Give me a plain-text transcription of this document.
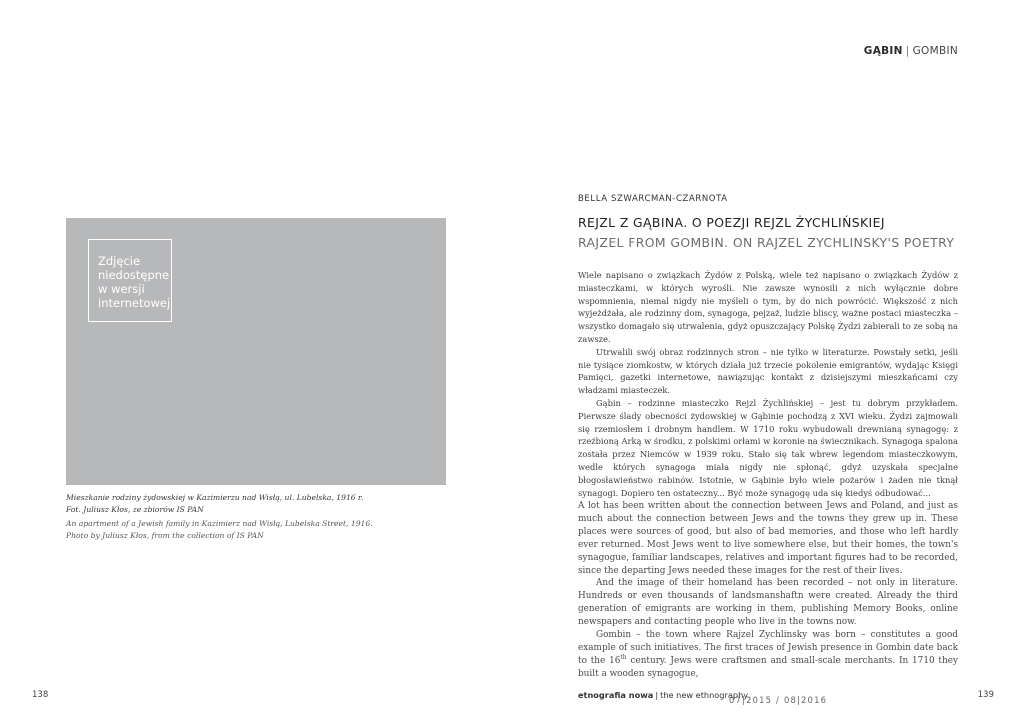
GĄBIN | GOMBIN
Zdjęcie niedostępne w wersji internetowej
Mieszkanie rodziny żydowskiej w Kazimierzu nad Wisłą, ul. Lubelska, 1916 r.
Fot. Juliusz Kłos, ze zbiorów IS PAN
An apartment of a Jewish family in Kazimierz nad Wisłą, Lubelska Street, 1916.
Photo by Juliusz Kłos, from the collection of IS PAN
BELLA SZWARCMAN-CZARNOTA
REJZL Z GĄBINA. O POEZJI REJZL ŻYCHLIŃSKIEJ
RAJZEL FROM GOMBIN. ON RAJZEL ZYCHLINSKY'S POETRY

Wiele napisano o związkach Żydów z Polską, wiele też napisano o związkach Żydów z miasteczkami, w których wyrośli. Nie zawsze wynosili z nich wyłącznie dobre wspomnienia, niemal nigdy nie myśleli o tym, by do nich powrócić. Większość z nich wyjeżdżała, ale rodzinny dom, synagoga, pejzaż, ludzie bliscy, ważne postaci miasteczka – wszystko domagało się utrwalenia, gdyż opuszczający Polskę Żydzi zabierali to ze sobą na zawsze.

Utrwalili swój obraz rodzinnych stron – nie tylko w literaturze. Powstały setki, jeśli nie tysiące ziomkostw, w których działa już trzecie pokolenie emigrantów, wydając Księgi Pamięci, gazetki internetowe, nawiązując kontakt z dzisiejszymi mieszkańcami czy władzami miasteczek.

Gąbin – rodzinne miasteczko Rejzl Żychlińskiej – jest tu dobrym przykładem. Pierwsze ślady obecności żydowskiej w Gąbinie pochodzą z XVI wieku. Żydzi zajmowali się rzemiosłem i drobnym handlem. W 1710 roku wybudowali drewnianą synagogę: z rzeźbioną Arką w środku, z polskimi orłami w koronie na świecznikach. Synagoga spalona została przez Niemców w 1939 roku. Stało się tak wbrew legendom miasteczkowym, wedle których synagoga miała nigdy nie spłonąć, gdyż uzyskała specjalne błogosławieństwo rabinów. Istotnie, w Gąbinie było wiele pożarów i żaden nie tknął synagogi. Dopiero ten ostateczny... Być może synagogę uda się kiedyś odbudować...

A lot has been written about the connection between Jews and Poland, and just as much about the connection between Jews and the towns they grew up in. These places were sources of good, but also of bad memories, and those who left hardly ever returned. Most Jews went to live somewhere else, but their homes, the town's synagogue, familiar landscapes, relatives and important figures had to be recorded, since the departing Jews needed these images for the rest of their lives.

And the image of their homeland has been recorded – not only in literature. Hundreds or even thousands of landsmanshaftn were created. Already the third generation of emigrants are working in them, publishing Memory Books, online newspapers and contacting people who live in the towns now.

Gombin – the town where Rajzel Zychlinsky was born – constitutes a good example of such initiatives. The first traces of Jewish presence in Gombin date back to the 16th century. Jews were craftsmen and small-scale merchants. In 1710 they built a wooden synagogue,

138	139
etnografia nowa | the new ethnography
07|2015 / 08|2016
